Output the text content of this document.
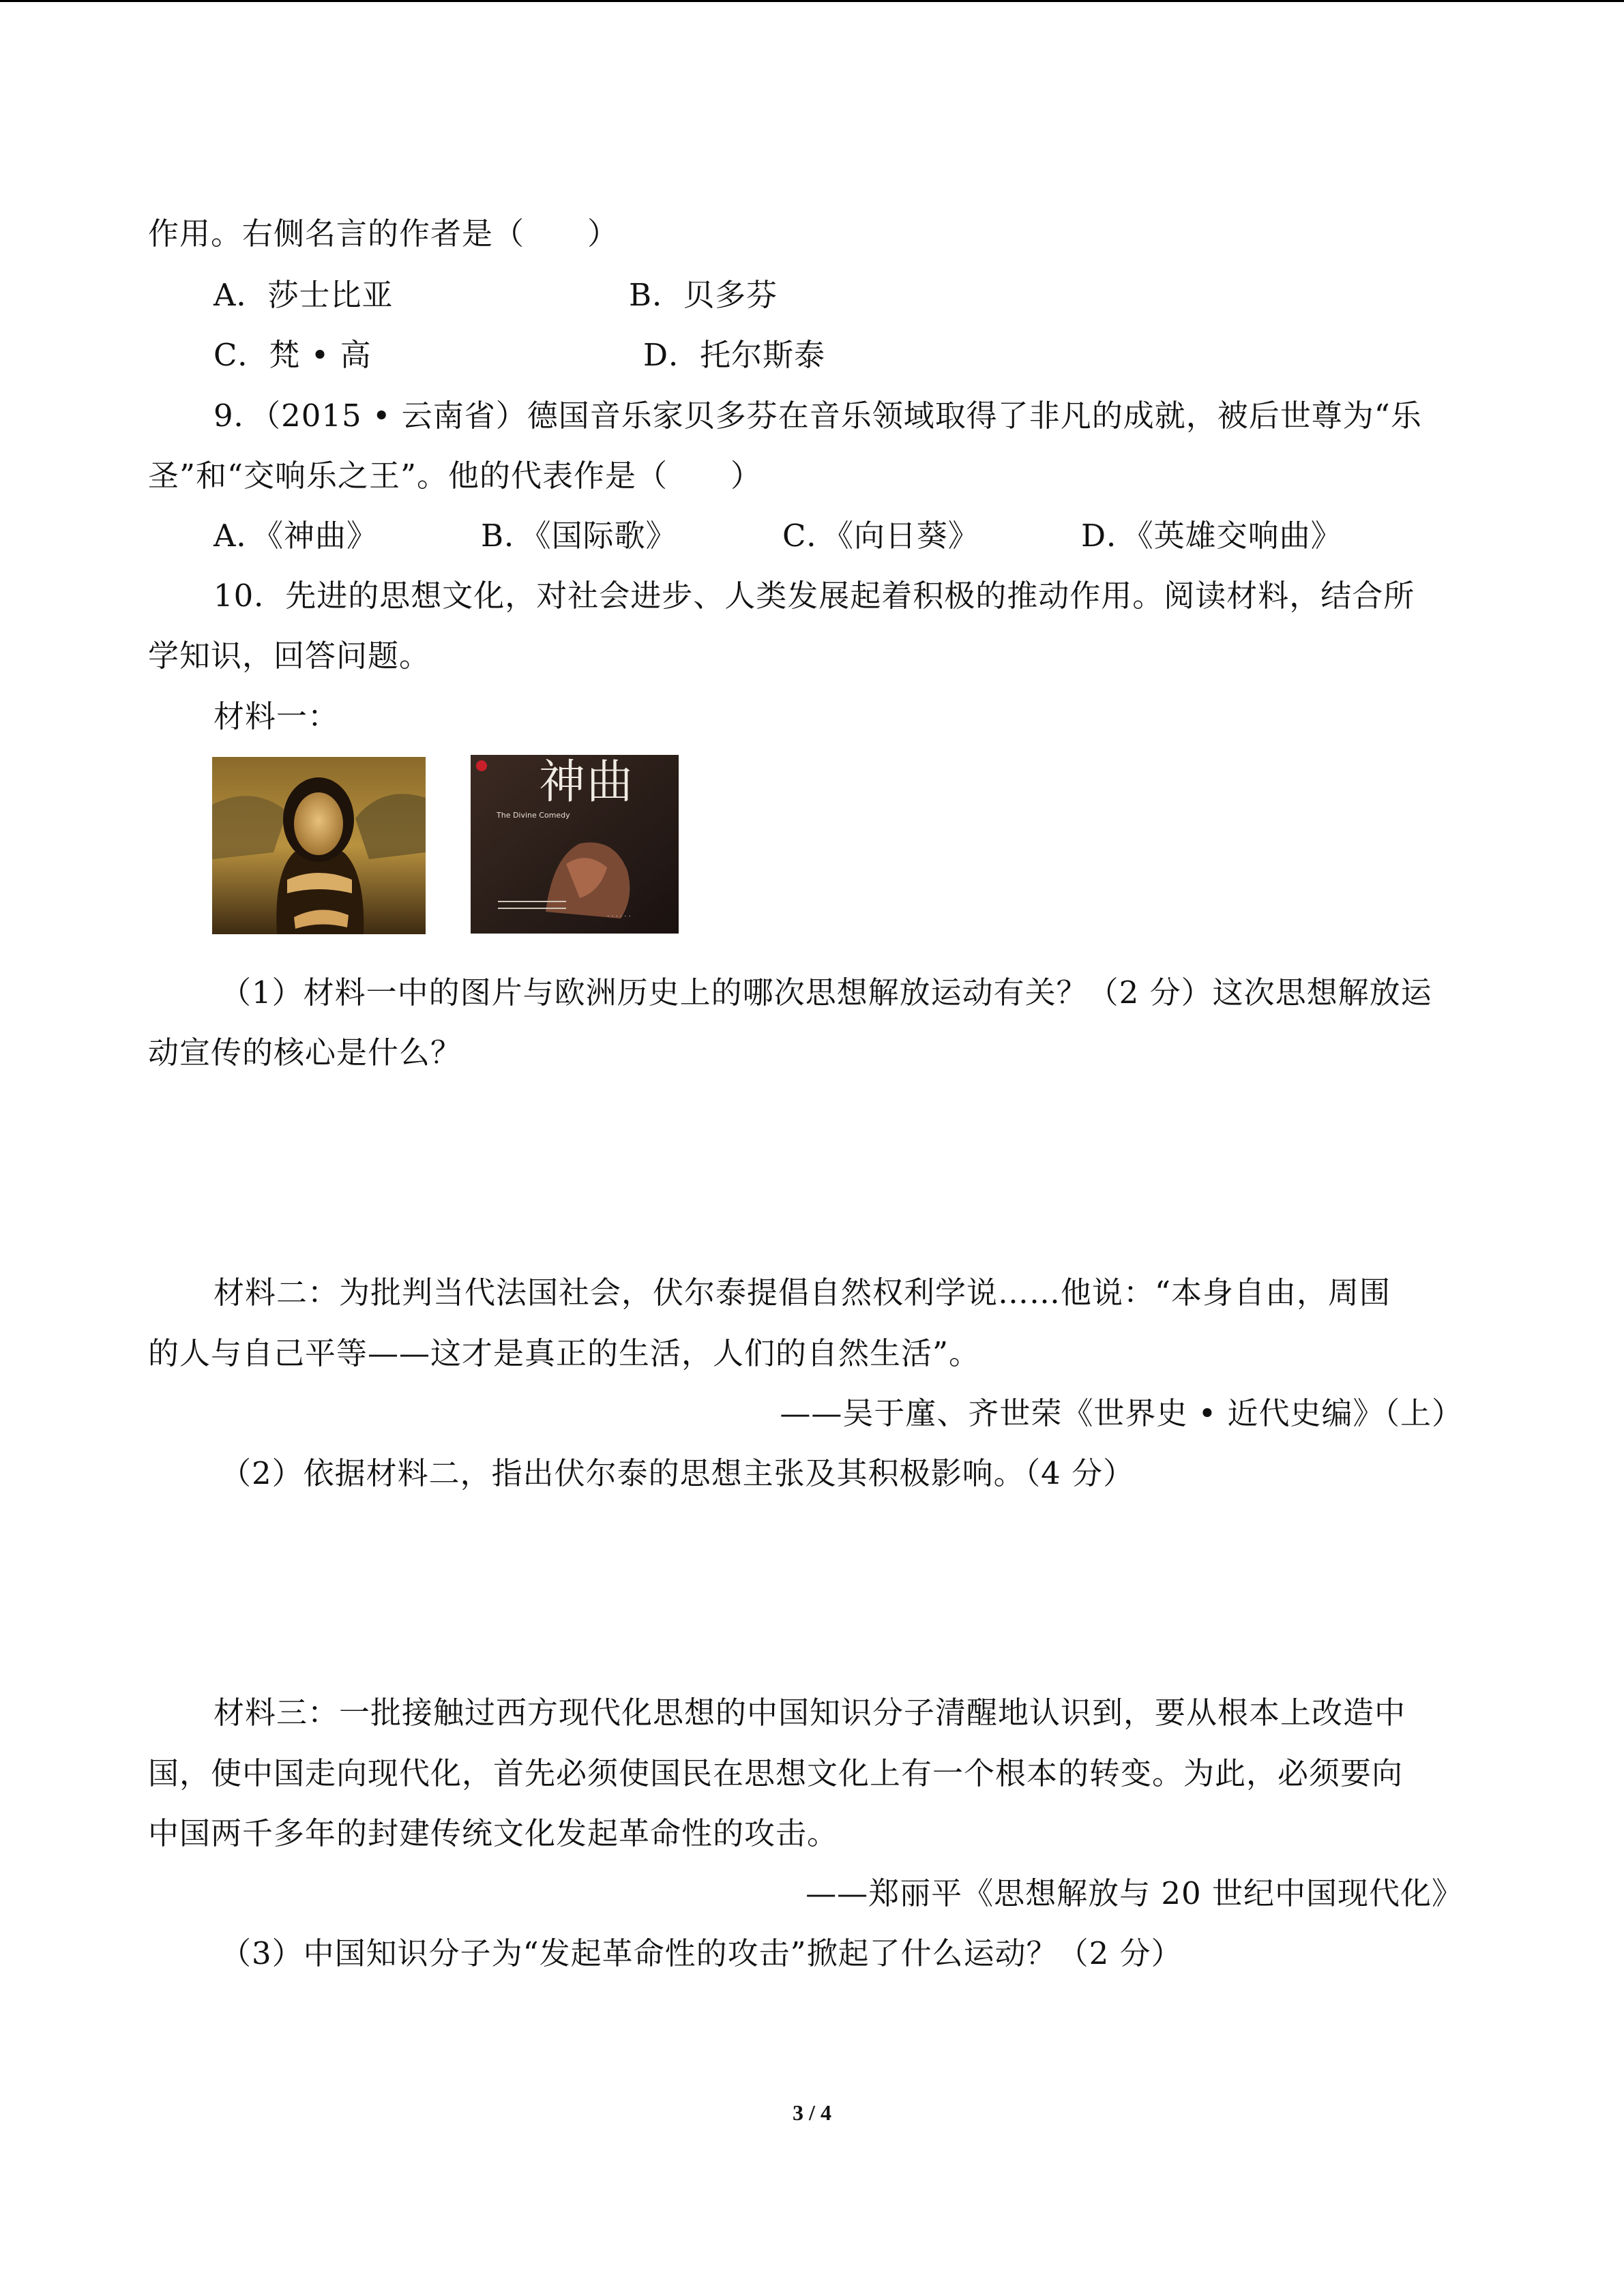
作用。右侧名言的作者是（　　）
A．莎士比亚	B．贝多芬
C．梵 • 高	D．托尔斯泰
9．（2015 • 云南省）德国音乐家贝多芬在音乐领域取得了非凡的成就，被后世尊为“乐
圣”和“交响乐之王”。他的代表作是（　　）
A．《神曲》	B．《国际歌》	C．《向日葵》	D．《英雄交响曲》
10．先进的思想文化，对社会进步、人类发展起着积极的推动作用。阅读材料，结合所
学知识，回答问题。
材料一：
· · · · · ·
神曲
The Divine Comedy
（1）材料一中的图片与欧洲历史上的哪次思想解放运动有关？（2 分）这次思想解放运
动宣传的核心是什么？
材料二：为批判当代法国社会，伏尔泰提倡自然权利学说……他说：“本身自由，周围
的人与自己平等——这才是真正的生活，人们的自然生活”。
——吴于廑、齐世荣《世界史 • 近代史编》（上）
（2）依据材料二，指出伏尔泰的思想主张及其积极影响。（4 分）
材料三：一批接触过西方现代化思想的中国知识分子清醒地认识到，要从根本上改造中
国，使中国走向现代化，首先必须使国民在思想文化上有一个根本的转变。为此，必须要向
中国两千多年的封建传统文化发起革命性的攻击。
——郑丽平《思想解放与 20 世纪中国现代化》
（3）中国知识分子为“发起革命性的攻击”掀起了什么运动？（2 分）
3 / 4
